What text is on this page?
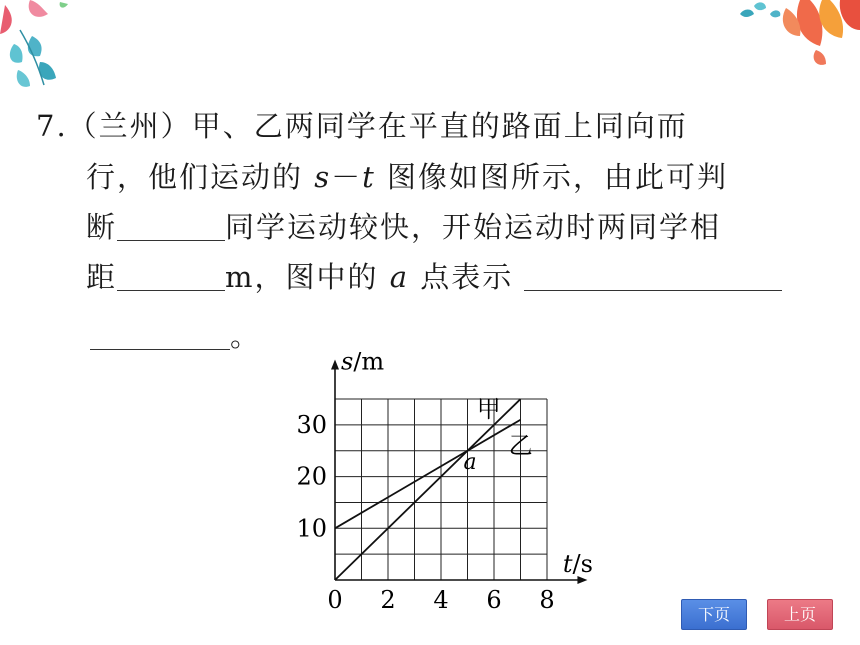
7.（兰州）甲、乙两同学在平直的路面上同向而
行，他们运动的 s－t 图像如图所示，由此可判
断	同学运动较快，开始运动时两同学相
距	m，图中的 a 点表示
。
甲
乙
a
0 2 4 6 8
10
20
30
s/m
t/s
下页	上页
